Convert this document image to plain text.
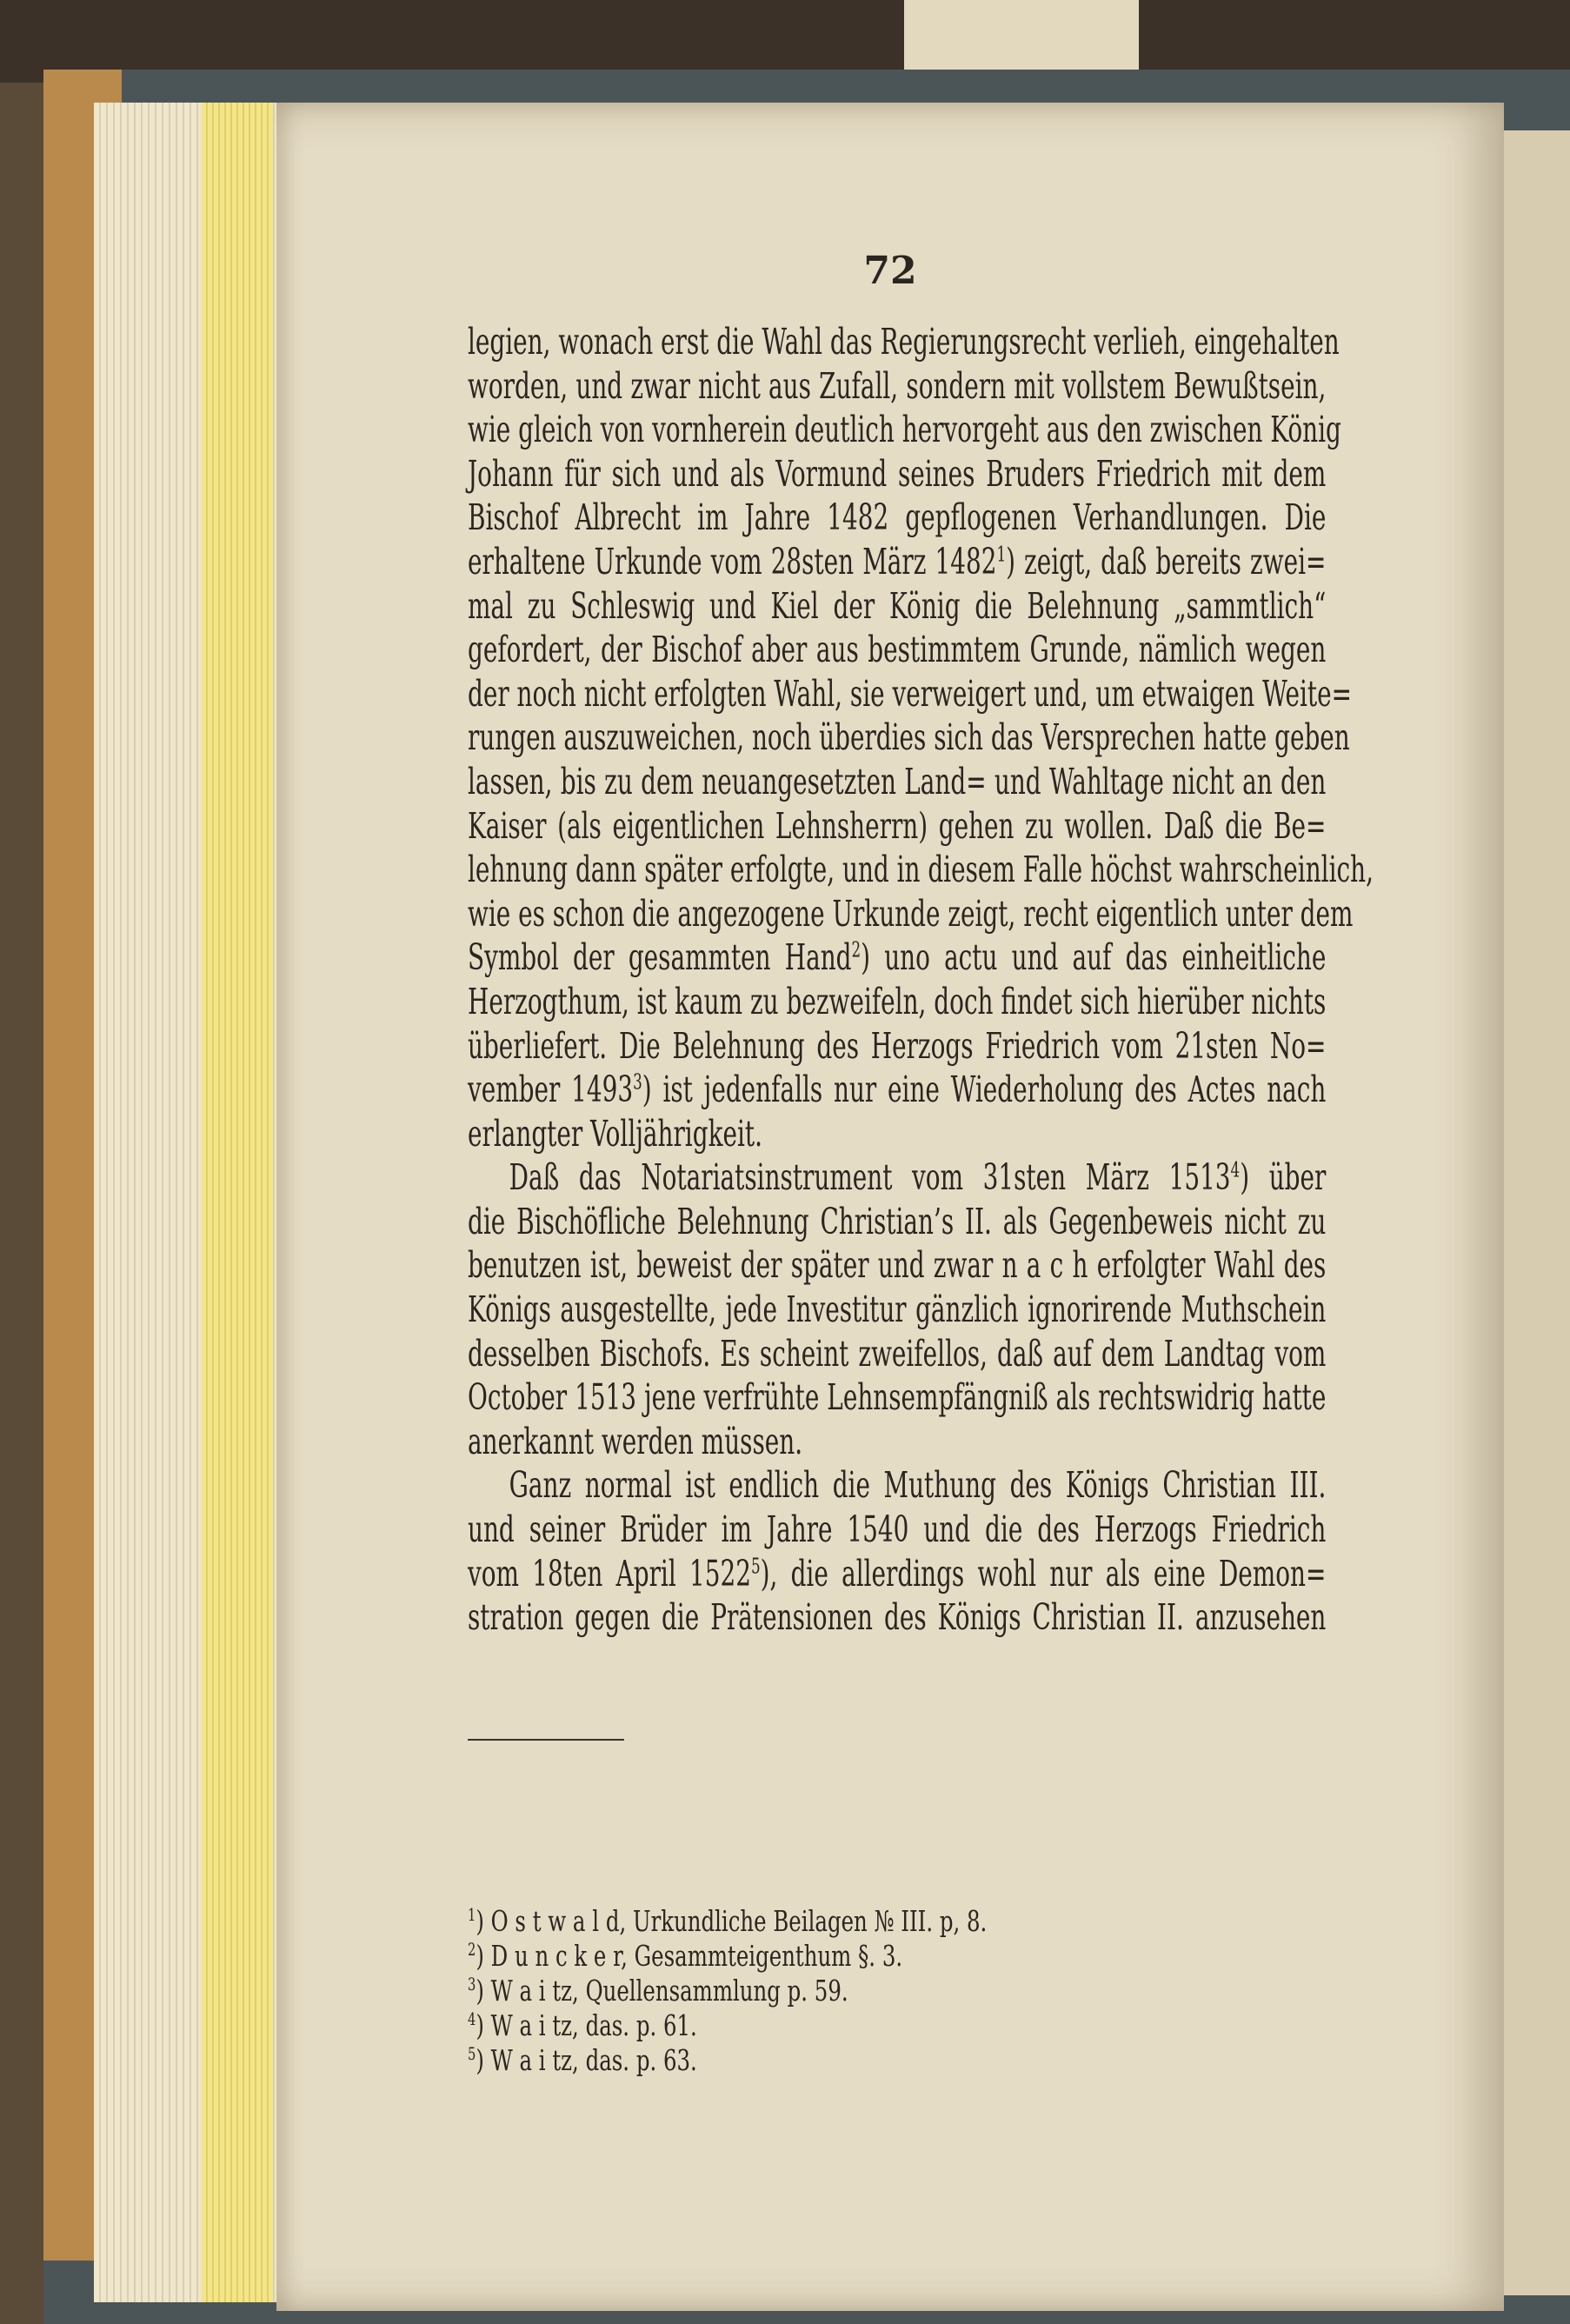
72
legien, wonach erst die Wahl das Regierungsrecht verlieh, eingehalten
worden, und zwar nicht aus Zufall, sondern mit vollstem Bewußtsein,
wie gleich von vornherein deutlich hervorgeht aus den zwischen König
Johann für sich und als Vormund seines Bruders Friedrich mit dem
Bischof Albrecht im Jahre 1482 gepflogenen Verhandlungen. Die
erhaltene Urkunde vom 28sten März 1482$^1$) zeigt, daß bereits zwei=
mal zu Schleswig und Kiel der König die Belehnung „sammtlich“
gefordert, der Bischof aber aus bestimmtem Grunde, nämlich wegen
der noch nicht erfolgten Wahl, sie verweigert und, um etwaigen Weite=
rungen auszuweichen, noch überdies sich das Versprechen hatte geben
lassen, bis zu dem neuangesetzten Land= und Wahltage nicht an den
Kaiser (als eigentlichen Lehnsherrn) gehen zu wollen. Daß die Be=
lehnung dann später erfolgte, und in diesem Falle höchst wahrscheinlich,
wie es schon die angezogene Urkunde zeigt, recht eigentlich unter dem
Symbol der gesammten Hand$^2$) uno actu und auf das einheitliche
Herzogthum, ist kaum zu bezweifeln, doch findet sich hierüber nichts
überliefert. Die Belehnung des Herzogs Friedrich vom 21sten No=
vember 1493$^3$) ist jedenfalls nur eine Wiederholung des Actes nach
erlangter Volljährigkeit.
Daß das Notariatsinstrument vom 31sten März 1513$^4$) über
die Bischöfliche Belehnung Christian’s II. als Gegenbeweis nicht zu
benutzen ist, beweist der später und zwar n a c h erfolgter Wahl des
Königs ausgestellte, jede Investitur gänzlich ignorirende Muthschein
desselben Bischofs. Es scheint zweifellos, daß auf dem Landtag vom
October 1513 jene verfrühte Lehnsempfängniß als rechtswidrig hatte
anerkannt werden müssen.
Ganz normal ist endlich die Muthung des Königs Christian III.
und seiner Brüder im Jahre 1540 und die des Herzogs Friedrich
vom 18ten April 1522$^5$), die allerdings wohl nur als eine Demon=
stration gegen die Prätensionen des Königs Christian II. anzusehen
$^1$) O s t w a l d, Urkundliche Beilagen № III. p, 8.
$^2$) D u n c k e r, Gesammteigenthum §. 3.
$^3$) W a i tz, Quellensammlung p. 59.
$^4$) W a i tz, das. p. 61.
$^5$) W a i tz, das. p. 63.
